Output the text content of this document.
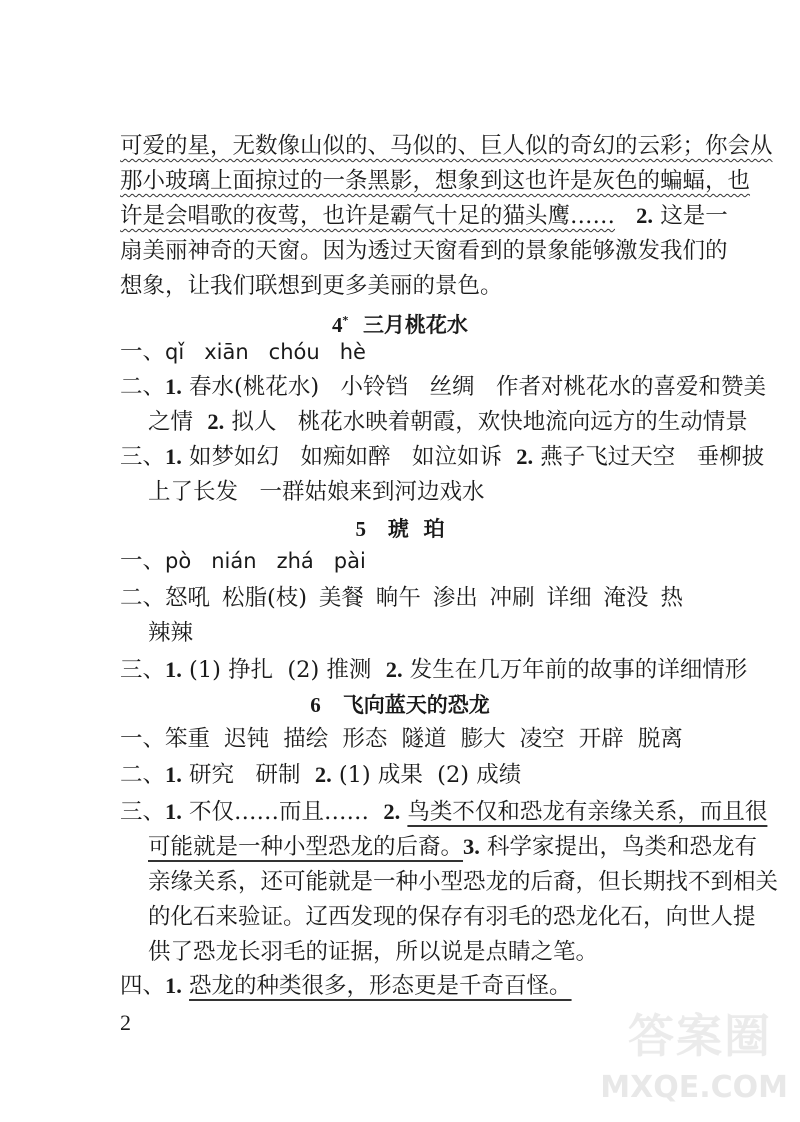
可爱的星，无数像山似的、马似的、巨人似的奇幻的云彩；你会从
那小玻璃上面掠过的一条黑影，想象到这也许是灰色的蝙蝠，也
许是会唱歌的夜莺，也许是霸气十足的猫头鹰…… 2. 这是一
扇美丽神奇的天窗。因为透过天窗看到的景象能够激发我们的
想象，让我们联想到更多美丽的景色。
4* 三月桃花水
一、qǐ   xiān   chóu   hè
二、1. 春水(桃花水)   小铃铛   丝绸   作者对桃花水的喜爱和赞美
之情  2. 拟人   桃花水映着朝霞，欢快地流向远方的生动情景
三、1. 如梦如幻   如痴如醉   如泣如诉  2. 燕子飞过天空   垂柳披
上了长发   一群姑娘来到河边戏水
5 琥  珀
一、pò   nián   zhá   pài
二、怒吼 松脂(枝) 美餐 晌午 渗出 冲刷 详细 淹没 热
辣辣
三、1. (1) 挣扎  (2) 推测  2. 发生在几万年前的故事的详细情形
6 飞向蓝天的恐龙
一、笨重 迟钝 描绘 形态 隧道 膨大 凌空 开辟 脱离
二、1. 研究   研制  2. (1) 成果  (2) 成绩
三、1. 不仅……而且……  2. 鸟类不仅和恐龙有亲缘关系，而且很
可能就是一种小型恐龙的后裔。3. 科学家提出，鸟类和恐龙有
亲缘关系，还可能就是一种小型恐龙的后裔，但长期找不到相关
的化石来验证。辽西发现的保存有羽毛的恐龙化石，向世人提
供了恐龙长羽毛的证据，所以说是点睛之笔。
四、1. 恐龙的种类很多，形态更是千奇百怪。
2	答案圈
MXQE.COM
